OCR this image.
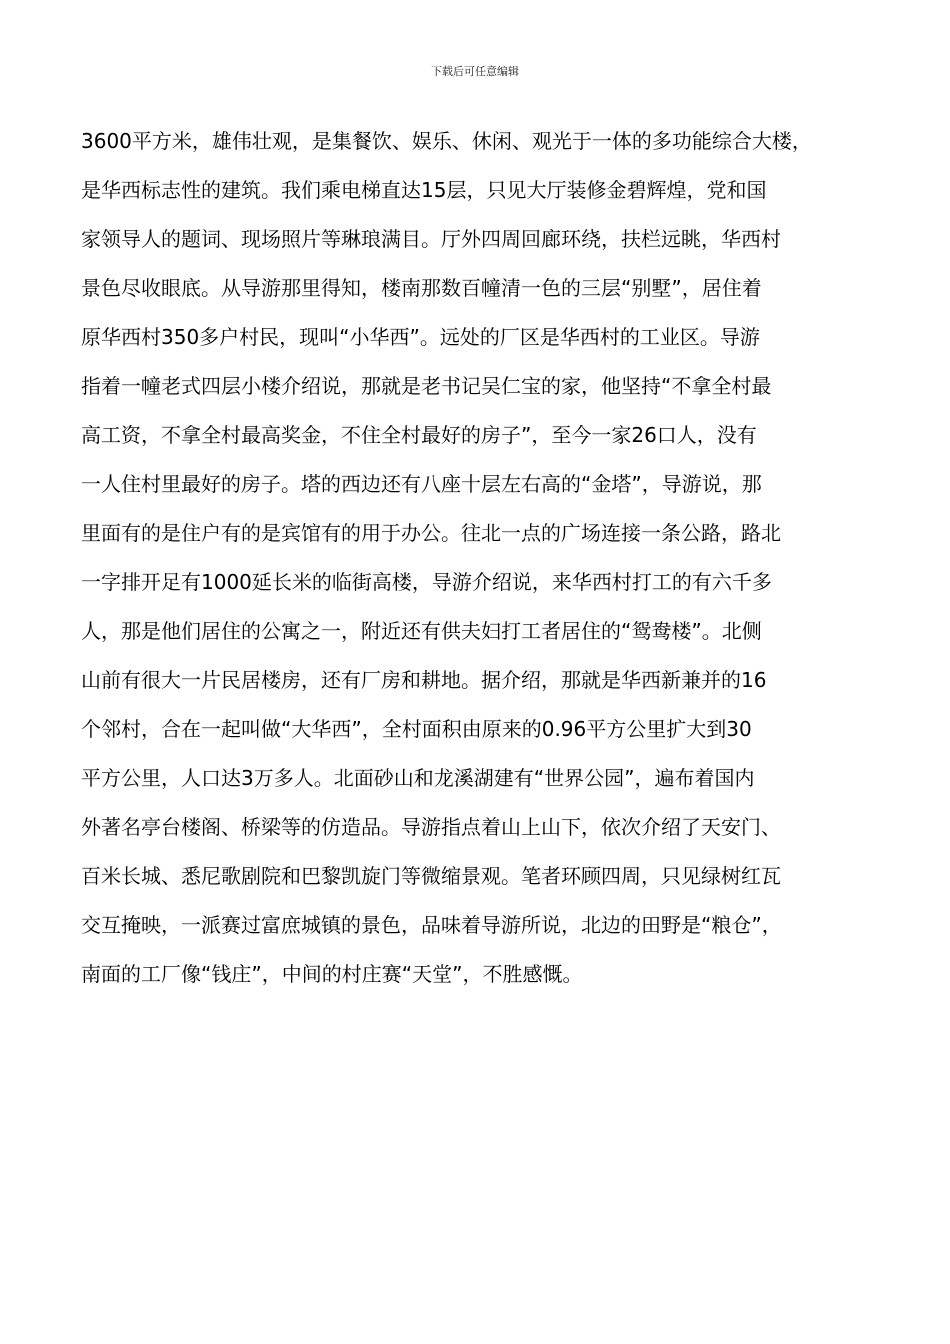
下载后可任意编辑
3600平方米，雄伟壮观，是集餐饮、娱乐、休闲、观光于一体的多功能综合大楼，
是华西标志性的建筑。我们乘电梯直达15层，只见大厅装修金碧辉煌，党和国
家领导人的题词、现场照片等琳琅满目。厅外四周回廊环绕，扶栏远眺，华西村
景色尽收眼底。从导游那里得知，楼南那数百幢清一色的三层“别墅”，居住着
原华西村350多户村民，现叫“小华西”。远处的厂区是华西村的工业区。导游
指着一幢老式四层小楼介绍说，那就是老书记吴仁宝的家，他坚持“不拿全村最
高工资，不拿全村最高奖金，不住全村最好的房子”，至今一家26口人，没有
一人住村里最好的房子。塔的西边还有八座十层左右高的“金塔”，导游说，那
里面有的是住户有的是宾馆有的用于办公。往北一点的广场连接一条公路，路北
一字排开足有1000延长米的临街高楼，导游介绍说，来华西村打工的有六千多
人，那是他们居住的公寓之一，附近还有供夫妇打工者居住的“鸳鸯楼”。北侧
山前有很大一片民居楼房，还有厂房和耕地。据介绍，那就是华西新兼并的16
个邻村，合在一起叫做“大华西”，全村面积由原来的0.96平方公里扩大到30
平方公里，人口达3万多人。北面砂山和龙溪湖建有“世界公园”，遍布着国内
外著名亭台楼阁、桥梁等的仿造品。导游指点着山上山下，依次介绍了天安门、
百米长城、悉尼歌剧院和巴黎凯旋门等微缩景观。笔者环顾四周，只见绿树红瓦
交互掩映，一派赛过富庶城镇的景色，品味着导游所说，北边的田野是“粮仓”，
南面的工厂像“钱庄”，中间的村庄赛“天堂”，不胜感慨。
